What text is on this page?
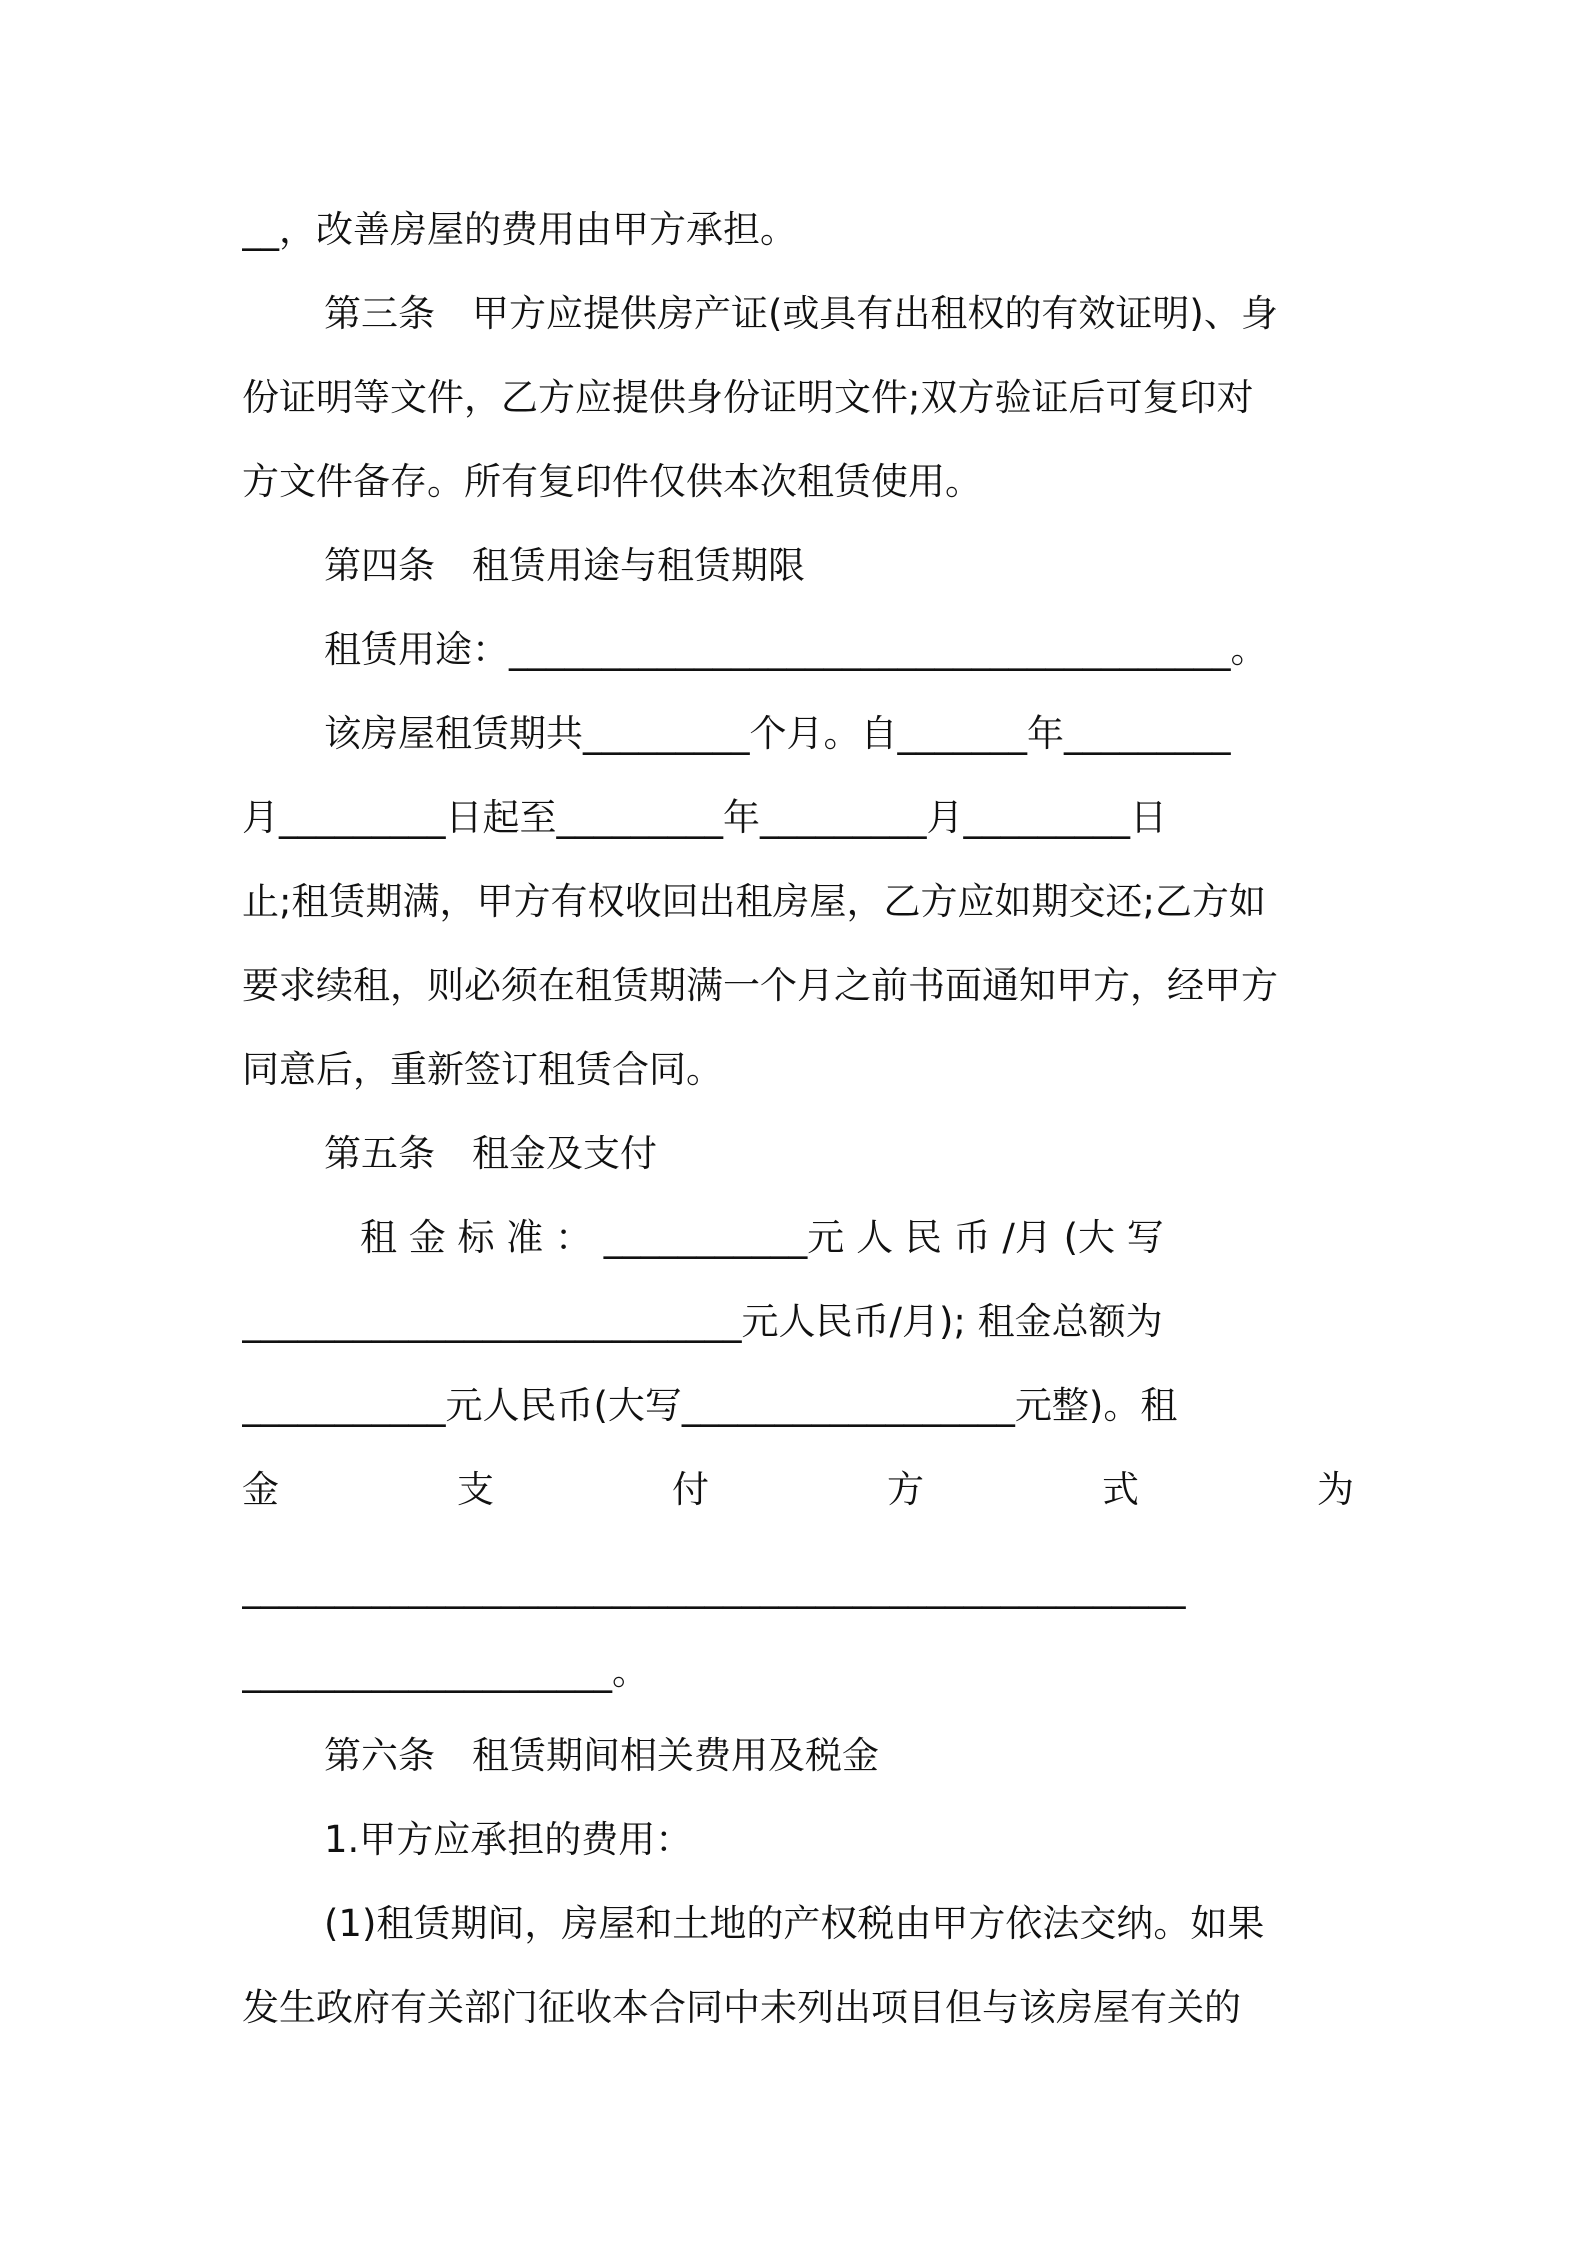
__，改善房屋的费用由甲方承担。
第三条　甲方应提供房产证(或具有出租权的有效证明)、身
份证明等文件，乙方应提供身份证明文件;双方验证后可复印对
方文件备存。所有复印件仅供本次租赁使用。
第四条　租赁用途与租赁期限
租赁用途：_______________________________________。
该房屋租赁期共_________个月。自_______年_________
月_________日起至_________年_________月_________日
止;租赁期满，甲方有权收回出租房屋，乙方应如期交还;乙方如
要求续租，则必须在租赁期满一个月之前书面通知甲方，经甲方
同意后，重新签订租赁合同。
第五条　租金及支付
租 金 标 准 ： ___________元 人 民 币 /月 (大 写
___________________________元人民币/月); 租金总额为
___________元人民币(大写__________________元整)。租
金	支	付	方	式	为
___________________________________________________
____________________。
第六条　租赁期间相关费用及税金
1.甲方应承担的费用：
(1)租赁期间，房屋和土地的产权税由甲方依法交纳。如果
发生政府有关部门征收本合同中未列出项目但与该房屋有关的
